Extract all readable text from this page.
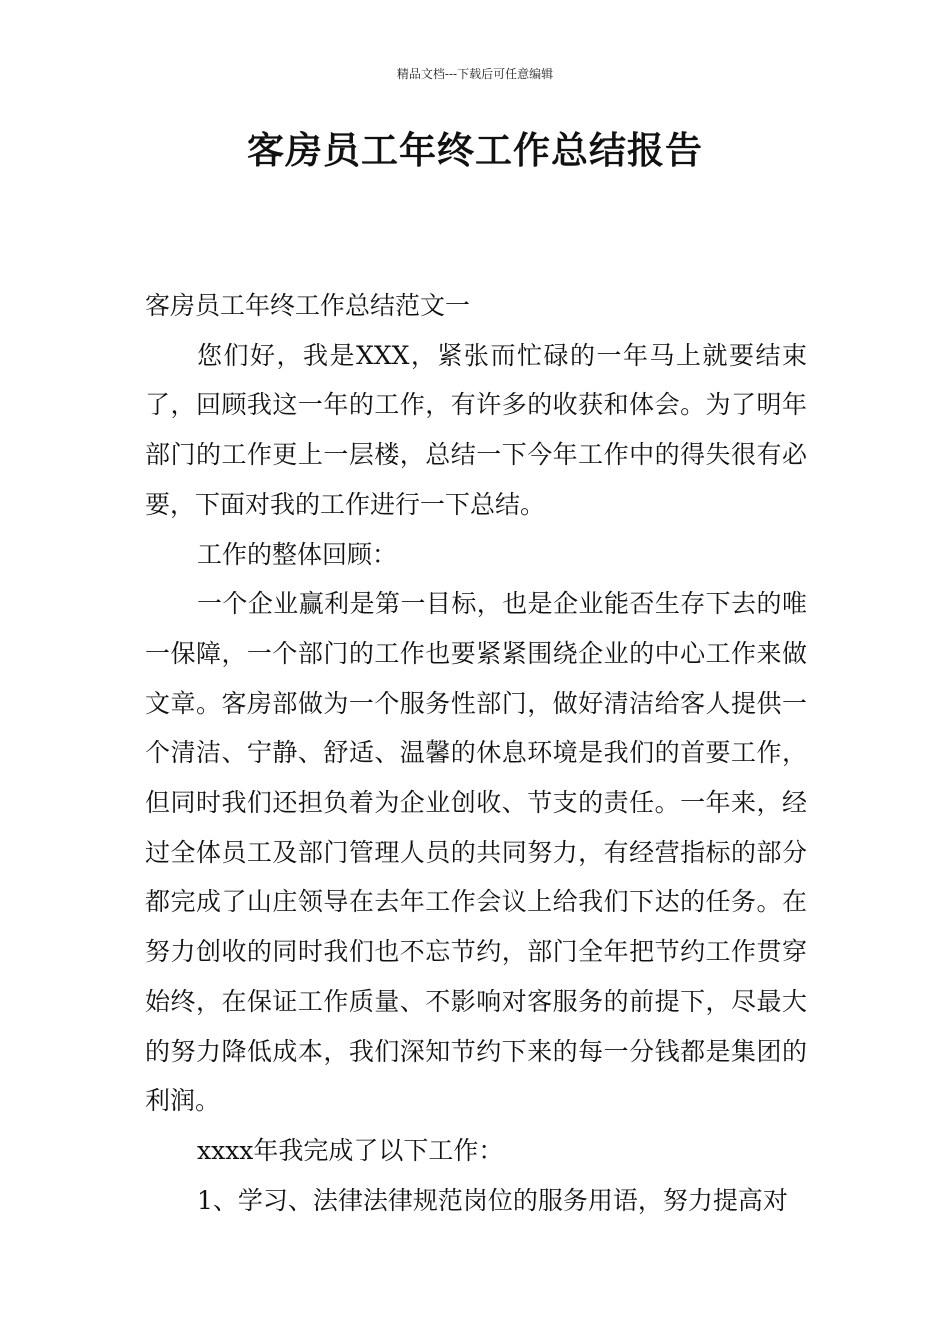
精品文档---下载后可任意编辑
客房员工年终工作总结报告

客房员工年终工作总结范文一

您们好，我是XXX，紧张而忙碌的一年马上就要结束了，回顾我这一年的工作，有许多的收获和体会。为了明年部门的工作更上一层楼，总结一下今年工作中的得失很有必要，下面对我的工作进行一下总结。

工作的整体回顾：

一个企业赢利是第一目标，也是企业能否生存下去的唯一保障，一个部门的工作也要紧紧围绕企业的中心工作来做文章。客房部做为一个服务性部门，做好清洁给客人提供一个清洁、宁静、舒适、温馨的休息环境是我们的首要工作，但同时我们还担负着为企业创收、节支的责任。一年来，经过全体员工及部门管理人员的共同努力，有经营指标的部分都完成了山庄领导在去年工作会议上给我们下达的任务。在努力创收的同时我们也不忘节约，部门全年把节约工作贯穿始终，在保证工作质量、不影响对客服务的前提下，尽最大的努力降低成本，我们深知节约下来的每一分钱都是集团的利润。

xxxx年我完成了以下工作：

1、学习、法律法律规范岗位的服务用语，努力提高对
